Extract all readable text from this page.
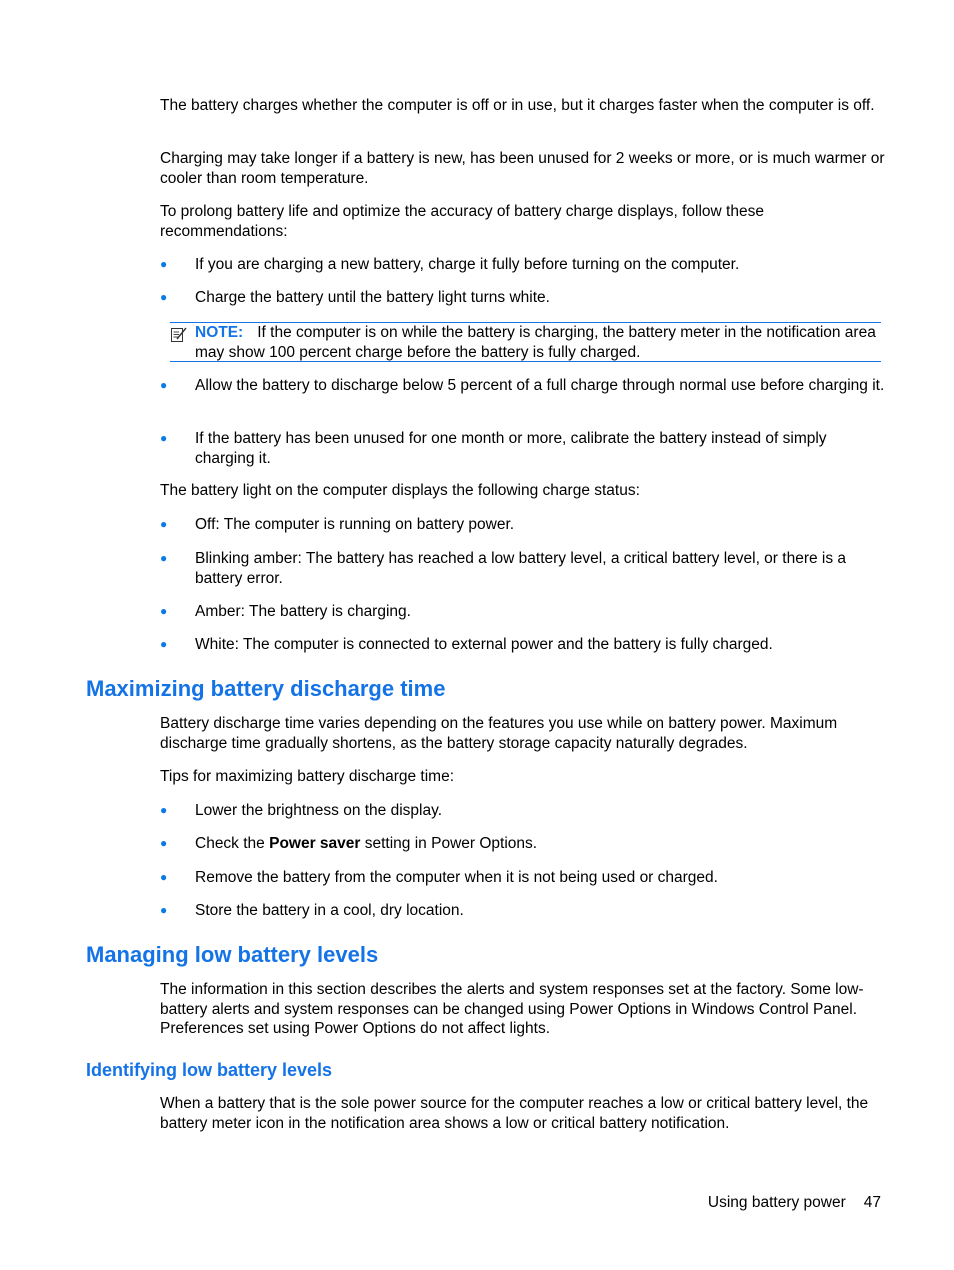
The battery charges whether the computer is off or in use, but it charges faster when the computer is off.

Charging may take longer if a battery is new, has been unused for 2 weeks or more, or is much warmer or cooler than room temperature.

To prolong battery life and optimize the accuracy of battery charge displays, follow these recommendations:

●	If you are charging a new battery, charge it fully before turning on the computer.
●	Charge the battery until the battery light turns white.
NOTE: If the computer is on while the battery is charging, the battery meter in the notification area may show 100 percent charge before the battery is fully charged.
●	Allow the battery to discharge below 5 percent of a full charge through normal use before charging it.
●	If the battery has been unused for one month or more, calibrate the battery instead of simply charging it.

The battery light on the computer displays the following charge status:

●	Off: The computer is running on battery power.
●	Blinking amber: The battery has reached a low battery level, a critical battery level, or there is a battery error.
●	Amber: The battery is charging.
●	White: The computer is connected to external power and the battery is fully charged.
Maximizing battery discharge time

Battery discharge time varies depending on the features you use while on battery power. Maximum discharge time gradually shortens, as the battery storage capacity naturally degrades.

Tips for maximizing battery discharge time:

●	Lower the brightness on the display.
●	Check the Power saver setting in Power Options.
●	Remove the battery from the computer when it is not being used or charged.
●	Store the battery in a cool, dry location.
Managing low battery levels

The information in this section describes the alerts and system responses set at the factory. Some low-battery alerts and system responses can be changed using Power Options in Windows Control Panel. Preferences set using Power Options do not affect lights.

Identifying low battery levels

When a battery that is the sole power source for the computer reaches a low or critical battery level, the battery meter icon in the notification area shows a low or critical battery notification.

Using battery power 47
